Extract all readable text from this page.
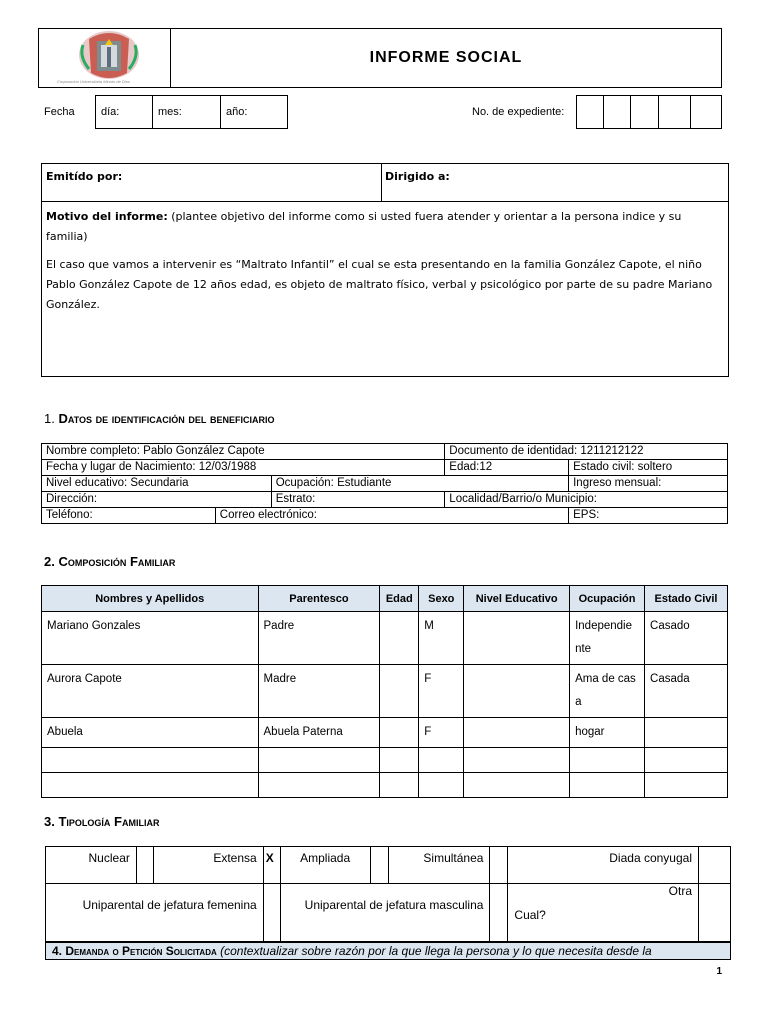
Corporación Universitaria Minuto de Dios
INFORME SOCIAL
Fecha día:	mes:	año:	No. de expediente:
Emitído por:	Dirigido a:

Motivo del informe: (plantee objetivo del informe como si usted fuera atender y orientar a la persona indice y su familia)

El caso que vamos a intervenir es “Maltrato Infantil” el cual se esta presentando en la familia González Capote, el niño Pablo González Capote de 12 años edad, es objeto de maltrato físico, verbal y psicológico por parte de su padre Mariano González.

1. Datos de identificación del beneficiario
Nombre completo: Pablo González Capote			Documento de identidad: 1211212122	
Fecha y lugar de Nacimiento: 12/03/1988			Edad:12	Estado civil: soltero
Nivel educativo: Secundaria		Ocupación: Estudiante		Ingreso mensual:
Dirección:		Estrato:	Localidad/Barrio/o Municipio:	
Teléfono:	Correo electrónico:			EPS:
2. Composición Familiar
Nombres y Apellidos	Parentesco	Edad	Sexo	Nivel Educativo	Ocupación	Estado Civil
Mariano Gonzales	Padre		M		Independie nte	Casado
Aurora Capote	Madre		F		Ama de casa	Casada
Abuela	Abuela Paterna		F		hogar	

3. Tipología Familiar
Nuclear		Extensa	X	Ampliada		Simultánea		Diada conyugal	
Uniparental de jefatura femenina				Uniparental de jefatura masculina				Otra
Cual?	

4. Demanda o Petición Solicitada (contextualizar sobre razón por la que llega la persona y lo que necesita desde la
1
